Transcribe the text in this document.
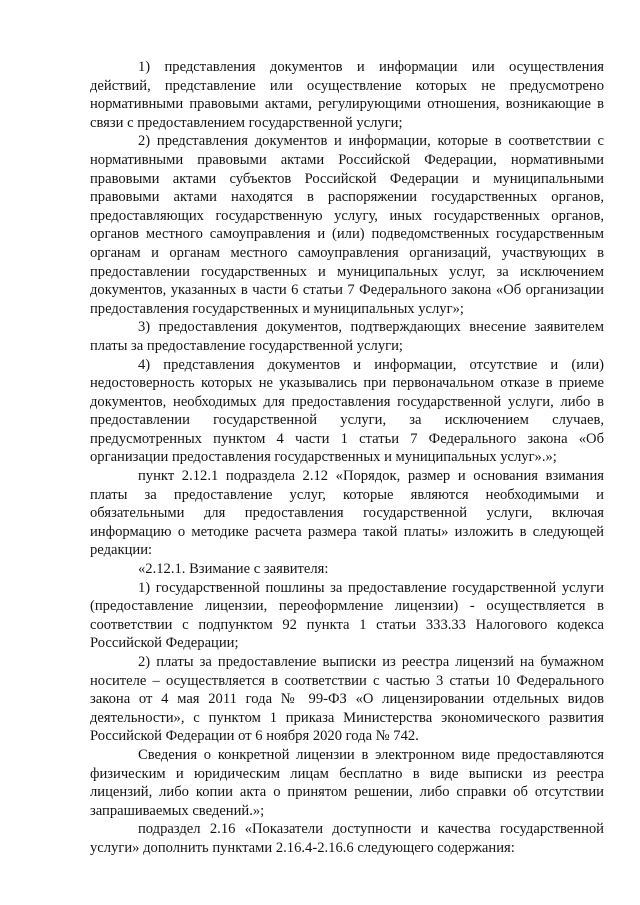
1) представления документов и информации или осуществления действий, представление или осуществление которых не предусмотрено нормативными правовыми актами, регулирующими отношения, возникающие в связи с предоставлением государственной услуги;

2) представления документов и информации, которые в соответствии с нормативными правовыми актами Российской Федерации, нормативными правовыми актами субъектов Российской Федерации и муниципальными правовыми актами находятся в распоряжении государственных органов, предоставляющих государственную услугу, иных государственных органов, органов местного самоуправления и (или) подведомственных государственным органам и органам местного самоуправления организаций, участвующих в предоставлении государственных и муниципальных услуг, за исключением документов, указанных в части 6 статьи 7 Федерального закона «Об организации предоставления государственных и муниципальных услуг»;

3) предоставления документов, подтверждающих внесение заявителем платы за предоставление государственной услуги;

4) представления документов и информации, отсутствие и (или) недостоверность которых не указывались при первоначальном отказе в приеме документов, необходимых для предоставления государственной услуги, либо в предоставлении государственной услуги, за исключением случаев, предусмотренных пунктом 4 части 1 статьи 7 Федерального закона «Об организации предоставления государственных и муниципальных услуг».»;

пункт 2.12.1 подраздела 2.12 «Порядок, размер и основания взимания платы за предоставление услуг, которые являются необходимыми и обязательными для предоставления государственной услуги, включая информацию о методике расчета размера такой платы» изложить в следующей редакции:

«2.12.1. Взимание с заявителя:

1) государственной пошлины за предоставление государственной услуги (предоставление лицензии, переоформление лицензии) - осуществляется в соответствии с подпунктом 92 пункта 1 статьи 333.33 Налогового кодекса Российской Федерации;

2) платы за предоставление выписки из реестра лицензий на бумажном носителе – осуществляется в соответствии с частью 3 статьи 10 Федерального закона от 4 мая 2011 года № 99-ФЗ «О лицензировании отдельных видов деятельности», с пунктом 1 приказа Министерства экономического развития Российской Федерации от 6 ноября 2020 года № 742.

Сведения о конкретной лицензии в электронном виде предоставляются физическим и юридическим лицам бесплатно в виде выписки из реестра лицензий, либо копии акта о принятом решении, либо справки об отсутствии запрашиваемых сведений.»;

подраздел 2.16 «Показатели доступности и качества государственной услуги» дополнить пунктами 2.16.4-2.16.6 следующего содержания:
